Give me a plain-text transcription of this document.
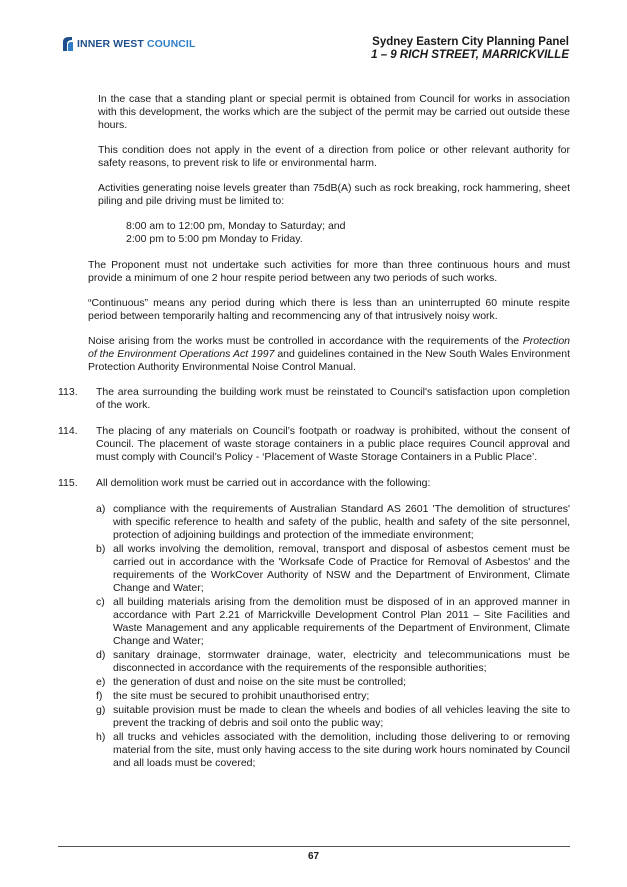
INNER WEST COUNCIL	Sydney Eastern City Planning Panel
1 – 9 RICH STREET, MARRICKVILLE

In the case that a standing plant or special permit is obtained from Council for works in association with this development, the works which are the subject of the permit may be carried out outside these hours.

This condition does not apply in the event of a direction from police or other relevant authority for safety reasons, to prevent risk to life or environmental harm.

Activities generating noise levels greater than 75dB(A) such as rock breaking, rock hammering, sheet piling and pile driving must be limited to:

8:00 am to 12:00 pm, Monday to Saturday; and
2:00 pm to 5:00 pm Monday to Friday.

The Proponent must not undertake such activities for more than three continuous hours and must provide a minimum of one 2 hour respite period between any two periods of such works.

“Continuous” means any period during which there is less than an uninterrupted 60 minute respite period between temporarily halting and recommencing any of that intrusively noisy work.

Noise arising from the works must be controlled in accordance with the requirements of the Protection of the Environment Operations Act 1997 and guidelines contained in the New South Wales Environment Protection Authority Environmental Noise Control Manual.

113.	The area surrounding the building work must be reinstated to Council's satisfaction upon completion of the work.
114.	The placing of any materials on Council’s footpath or roadway is prohibited, without the consent of Council. The placement of waste storage containers in a public place requires Council approval and must comply with Council’s Policy - ‘Placement of Waste Storage Containers in a Public Place’.
115.	All demolition work must be carried out in accordance with the following:
a) compliance with the requirements of Australian Standard AS 2601 'The demolition of structures' with specific reference to health and safety of the public, health and safety of the site personnel, protection of adjoining buildings and protection of the immediate environment;
b) all works involving the demolition, removal, transport and disposal of asbestos cement must be carried out in accordance with the 'Worksafe Code of Practice for Removal of Asbestos' and the requirements of the WorkCover Authority of NSW and the Department of Environment, Climate Change and Water;
c) all building materials arising from the demolition must be disposed of in an approved manner in accordance with Part 2.21 of Marrickville Development Control Plan 2011 – Site Facilities and Waste Management and any applicable requirements of the Department of Environment, Climate Change and Water;
d) sanitary drainage, stormwater drainage, water, electricity and telecommunications must be disconnected in accordance with the requirements of the responsible authorities;
e) the generation of dust and noise on the site must be controlled;
f)	the site must be secured to prohibit unauthorised entry;
g) suitable provision must be made to clean the wheels and bodies of all vehicles leaving the site to prevent the tracking of debris and soil onto the public way;
h) all trucks and vehicles associated with the demolition, including those delivering to or removing material from the site, must only having access to the site during work hours nominated by Council and all loads must be covered;
67
